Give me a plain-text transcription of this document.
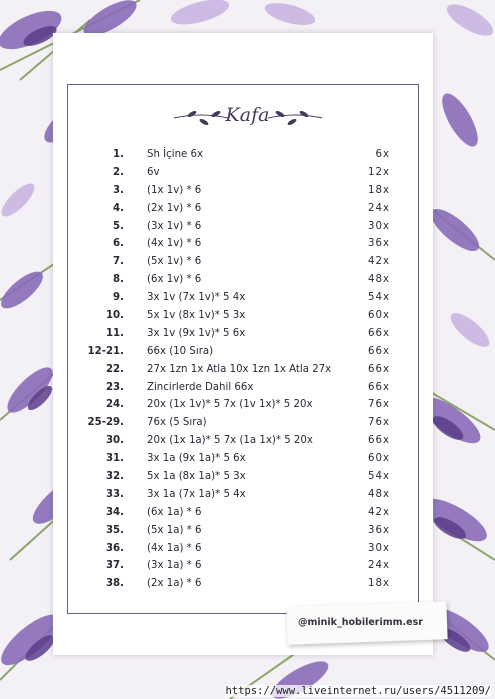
Kafa
1. Sh İçine 6x	6x
2. 6v	12x
3. (1x 1v) * 6	18x
4. (2x 1v) * 6	24x
5. (3x 1v) * 6	30x
6. (4x 1v) * 6	36x
7. (5x 1v) * 6	42x
8. (6x 1v) * 6	48x
9. 3x 1v (7x 1v)* 5 4x	54x
10. 5x 1v (8x 1v)* 5 3x	60x
11. 3x 1v (9x 1v)* 5 6x	66x
12-21. 66x (10 Sıra)	66x
22. 27x 1zn 1x Atla 10x 1zn 1x Atla 27x	66x
23. Zincirlerde Dahil 66x	66x
24. 20x (1x 1v)* 5 7x (1v 1x)* 5 20x	76x
25-29. 76x (5 Sıra)	76x
30. 20x (1x 1a)* 5 7x (1a 1x)* 5 20x	66x
31. 3x 1a (9x 1a)* 5 6x	60x
32. 5x 1a (8x 1a)* 5 3x	54x
33. 3x 1a (7x 1a)* 5 4x	48x
34. (6x 1a) * 6	42x
35. (5x 1a) * 6	36x
36. (4x 1a) * 6	30x
37. (3x 1a) * 6	24x
38. (2x 1a) * 6	18x
@minik_hobilerimm.esr
https://www.liveinternet.ru/users/4511209/
